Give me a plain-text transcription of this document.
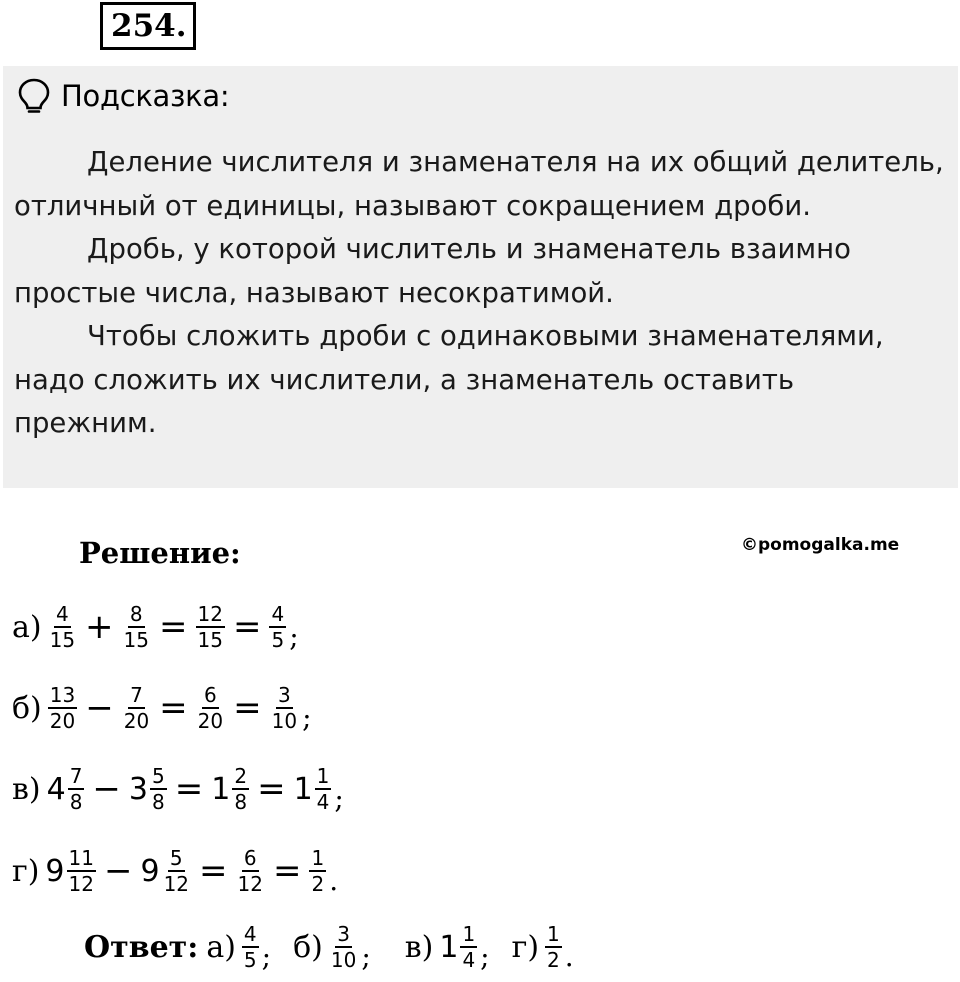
254.
Подсказка:

Деление числителя и знаменателя на их общий делитель, отличный от единицы, называют сокращением дроби.

Дробь, у которой числитель и знаменатель взаимно простые числа, называют несократимой.

Чтобы сложить дроби с одинаковыми знаменателями, надо сложить их числители, а знаменатель оставить прежним.

Решение:	©pomogalka.me
$а) \frac{4}{15} + \frac{8}{15} = \frac{12}{15} = \frac{4}{5}$ ;
$б) \frac{13}{20} - \frac{7}{20} = \frac{6}{20} = \frac{3}{10}$ ;
в) $4 \frac{7}{8} - 3 \frac{5}{8} = 1 \frac{2}{8} = 1 \frac{1}{4}$ ;
г) $9 \frac{11}{12} - 9 \frac{5}{12} = \frac{6}{12} = \frac{1}{2}$ .
Ответ: $а) \frac{4}{5}$ ; $б) \frac{3}{10}$ ; в) $1 \frac{1}{4}$ ; $г) \frac{1}{2}$ .
